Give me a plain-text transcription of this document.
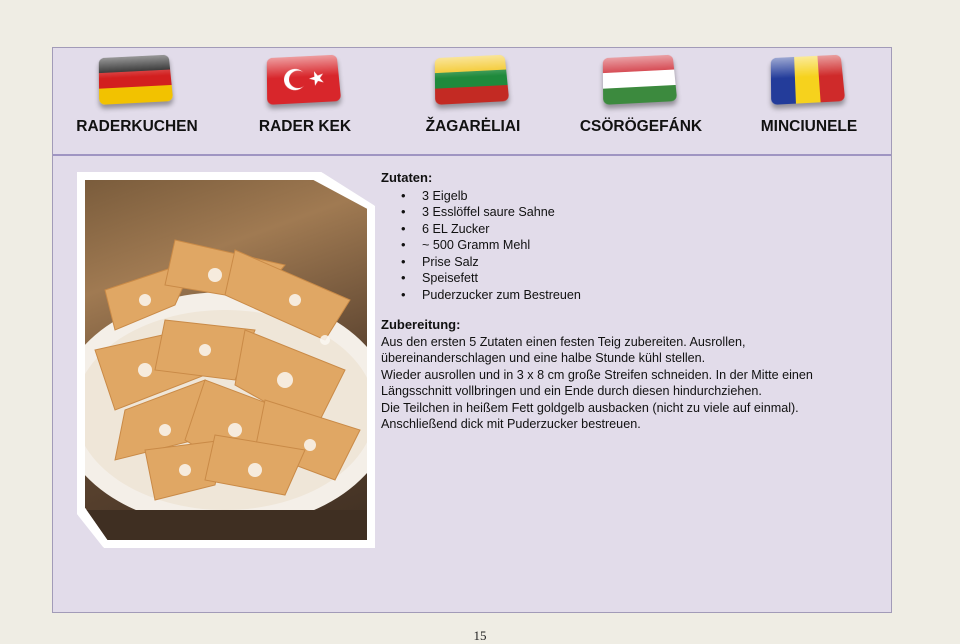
RADERKUCHEN	RADER KEK	ŽAGARĖLIAI	CSÖRÖGEFÁNK	MINCIUNELE
Zutaten:
• 3 Eigelb
• 3 Esslöffel saure Sahne
• 6 EL Zucker
• ~ 500 Gramm Mehl
• Prise Salz
• Speisefett
• Puderzucker zum Bestreuen
Zubereitung:
Aus den ersten 5 Zutaten einen festen Teig zubereiten. Ausrollen, übereinanderschlagen und eine halbe Stunde kühl stellen.
Wieder ausrollen und in 3 x 8 cm große Streifen schneiden. In der Mitte einen Längsschnitt vollbringen und ein Ende durch diesen hindurchziehen.
Die Teilchen in heißem Fett goldgelb ausbacken (nicht zu viele auf einmal).
Anschließend dick mit Puderzucker bestreuen.
15
